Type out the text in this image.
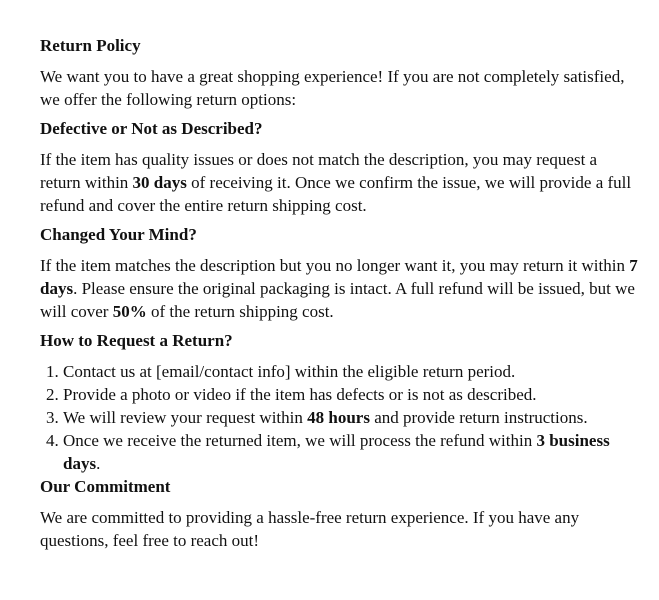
Return Policy

We want you to have a great shopping experience! If you are not completely satisfied, we offer the following return options:

Defective or Not as Described?

If the item has quality issues or does not match the description, you may request a return within 30 days of receiving it. Once we confirm the issue, we will provide a full refund and cover the entire return shipping cost.

Changed Your Mind?

If the item matches the description but you no longer want it, you may return it within 7 days. Please ensure the original packaging is intact. A full refund will be issued, but we will cover 50% of the return shipping cost.

How to Request a Return?

1. Contact us at [email/contact info] within the eligible return period.
2. Provide a photo or video if the item has defects or is not as described.
3. We will review your request within 48 hours and provide return instructions.
4. Once we receive the returned item, we will process the refund within 3 business days.

Our Commitment

We are committed to providing a hassle-free return experience. If you have any questions, feel free to reach out!
